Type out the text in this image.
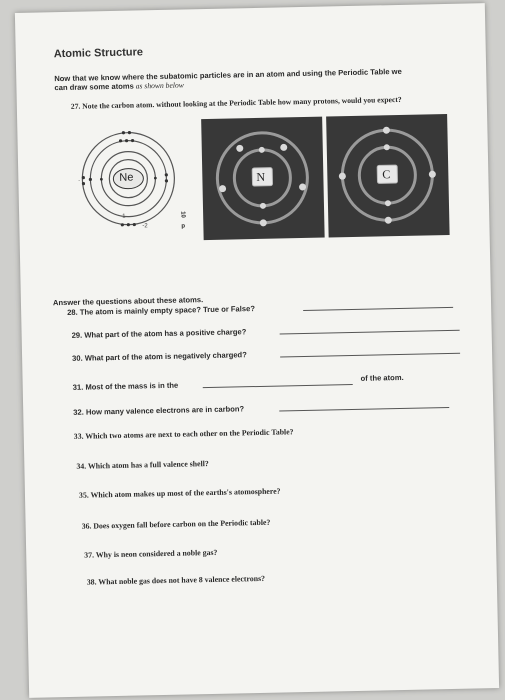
Atomic Structure
Now that we know where the subatomic particles are in an atom and using the Periodic Table we
can draw some atoms as shown below
27. Note the carbon atom. without looking at the Periodic Table how many protons, would you expect?
-1
-2
-	Ne
10
p
N	C
Answer the questions about these atoms.
28. The atom is mainly empty space? True or False?
29. What part of the atom has a positive charge?
30. What part of the atom is negatively charged?
31. Most of the mass is in the
of the atom.
32. How many valence electrons are in carbon?
33. Which two atoms are next to each other on the Periodic Table?
34. Which atom has a full valence shell?
35. Which atom makes up most of the earths's atomosphere?
36. Does oxygen fall before carbon on the Periodic table?
37. Why is neon considered a noble gas?
38. What noble gas does not have 8 valence electrons?
